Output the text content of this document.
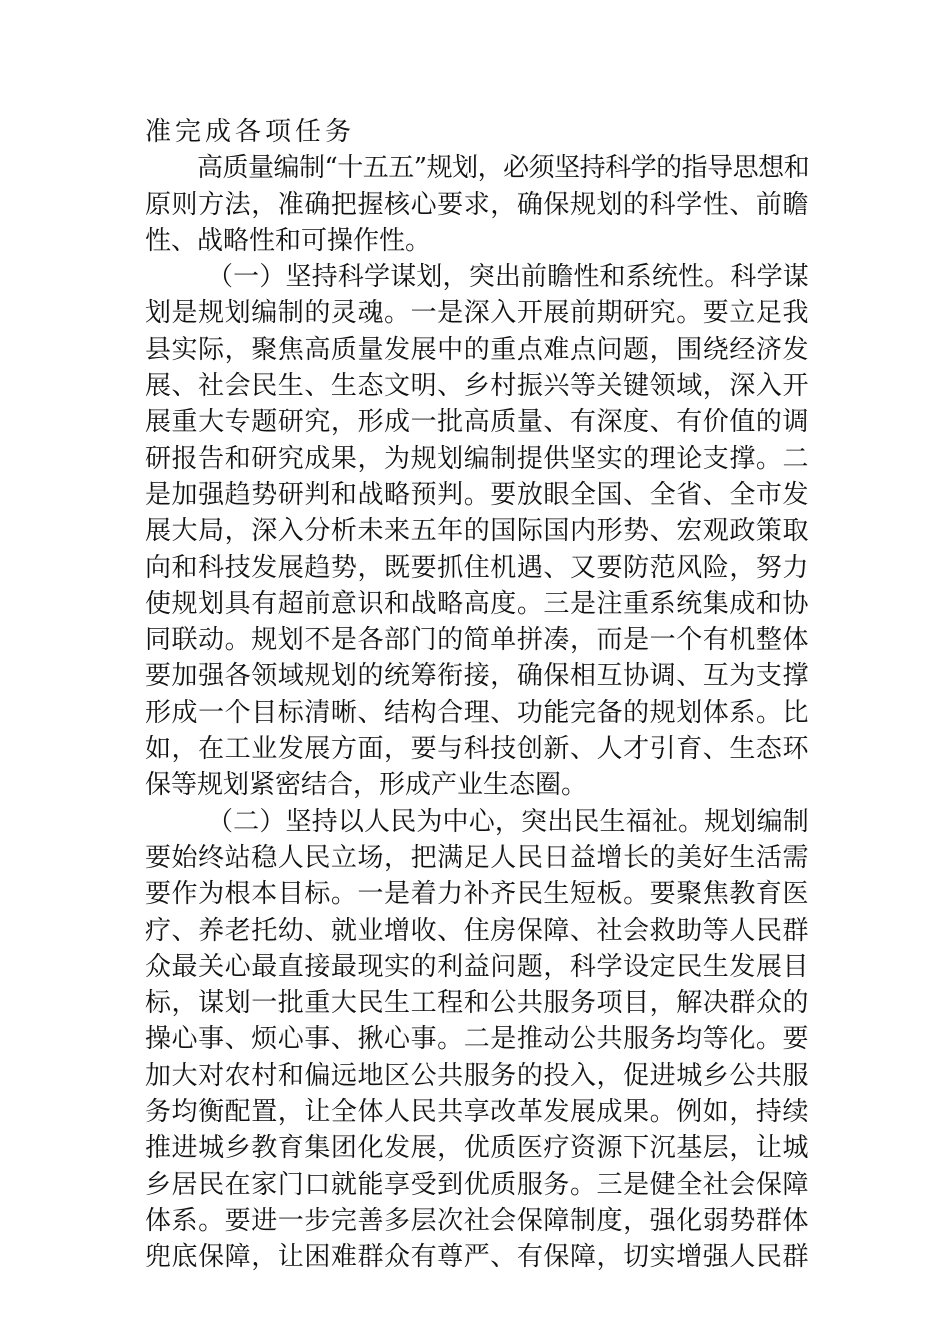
准完成各项任务
高质量编制“十五五”规划，必须坚持科学的指导思想和
原则方法，准确把握核心要求，确保规划的科学性、前瞻
性、战略性和可操作性。
（一）坚持科学谋划，突出前瞻性和系统性。科学谋
划是规划编制的灵魂。一是深入开展前期研究。要立足我
县实际，聚焦高质量发展中的重点难点问题，围绕经济发
展、社会民生、生态文明、乡村振兴等关键领域，深入开
展重大专题研究，形成一批高质量、有深度、有价值的调
研报告和研究成果，为规划编制提供坚实的理论支撑。二
是加强趋势研判和战略预判。要放眼全国、全省、全市发
展大局，深入分析未来五年的国际国内形势、宏观政策取
向和科技发展趋势，既要抓住机遇、又要防范风险，努力
使规划具有超前意识和战略高度。三是注重系统集成和协
同联动。规划不是各部门的简单拼凑，而是一个有机整体
要加强各领域规划的统筹衔接，确保相互协调、互为支撑
形成一个目标清晰、结构合理、功能完备的规划体系。比
如，在工业发展方面，要与科技创新、人才引育、生态环
保等规划紧密结合，形成产业生态圈。
（二）坚持以人民为中心，突出民生福祉。规划编制
要始终站稳人民立场，把满足人民日益增长的美好生活需
要作为根本目标。一是着力补齐民生短板。要聚焦教育医
疗、养老托幼、就业增收、住房保障、社会救助等人民群
众最关心最直接最现实的利益问题，科学设定民生发展目
标，谋划一批重大民生工程和公共服务项目，解决群众的
操心事、烦心事、揪心事。二是推动公共服务均等化。要
加大对农村和偏远地区公共服务的投入，促进城乡公共服
务均衡配置，让全体人民共享改革发展成果。例如，持续
推进城乡教育集团化发展，优质医疗资源下沉基层，让城
乡居民在家门口就能享受到优质服务。三是健全社会保障
体系。要进一步完善多层次社会保障制度，强化弱势群体
兜底保障，让困难群众有尊严、有保障，切实增强人民群
